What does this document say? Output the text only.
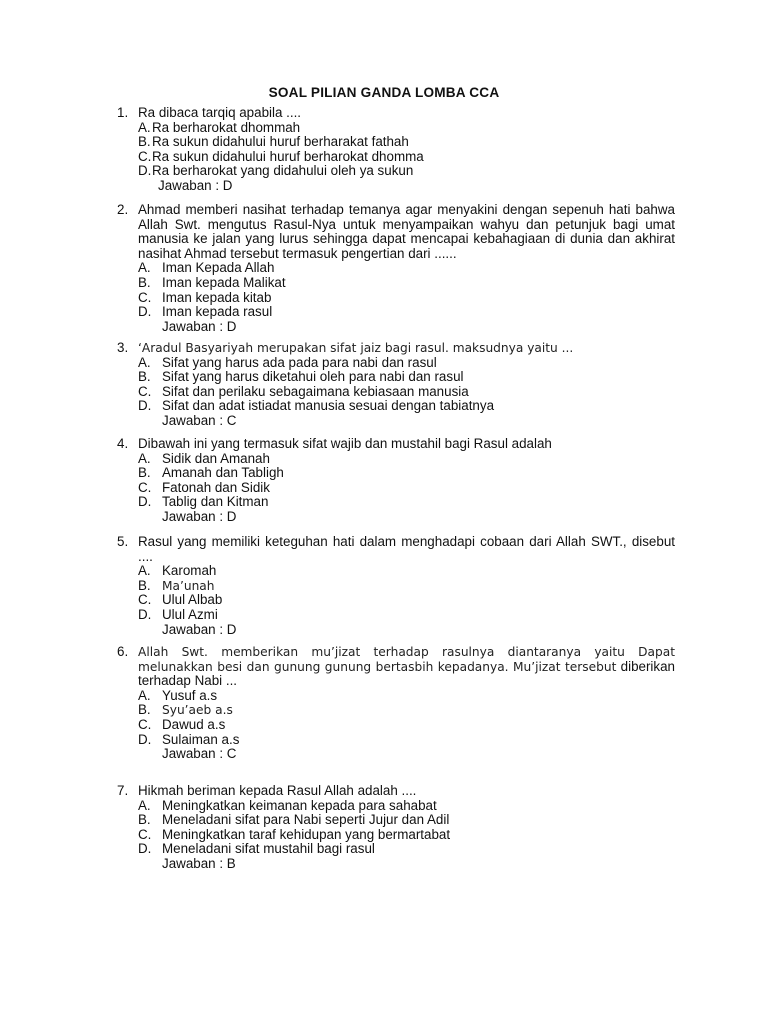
SOAL PILIAN GANDA LOMBA CCA
1. Ra dibaca tarqiq apabila ....
A. Ra berharokat dhommah
B. Ra sukun didahului huruf berharakat fathah
C. Ra sukun didahului huruf berharokat dhomma
D. Ra berharokat yang didahului oleh ya sukun
Jawaban : D
2. Ahmad memberi nasihat terhadap temanya agar menyakini dengan sepenuh hati bahwa Allah Swt. mengutus Rasul-Nya untuk menyampaikan wahyu dan petunjuk bagi umat manusia ke jalan yang lurus sehingga dapat mencapai kebahagiaan di dunia dan akhirat nasihat Ahmad tersebut termasuk pengertian dari ......
A. Iman Kepada Allah
B. Iman kepada Malikat
C. Iman kepada kitab
D. Iman kepada rasul
Jawaban : D
3. ‘Aradul Basyariyah merupakan sifat jaiz bagi rasul. maksudnya yaitu ...
A. Sifat yang harus ada pada para nabi dan rasul
B. Sifat yang harus diketahui oleh para nabi dan rasul
C. Sifat dan perilaku sebagaimana kebiasaan manusia
D. Sifat dan adat istiadat manusia sesuai dengan tabiatnya
Jawaban : C
4. Dibawah ini yang termasuk sifat wajib dan mustahil bagi Rasul adalah
A. Sidik dan Amanah
B. Amanah dan Tabligh
C. Fatonah dan Sidik
D. Tablig dan Kitman
Jawaban : D
5. Rasul yang memiliki keteguhan hati dalam menghadapi cobaan dari Allah SWT., disebut ....
A. Karomah
B. Ma’unah
C. Ulul Albab
D. Ulul Azmi
Jawaban : D
6. Allah Swt. memberikan mu’jizat terhadap rasulnya diantaranya yaitu Dapat melunakkan besi dan gunung gunung bertasbih kepadanya. Mu’jizat tersebut diberikan terhadap Nabi ...
A. Yusuf a.s
B. Syu’aeb a.s
C. Dawud a.s
D. Sulaiman a.s
Jawaban : C
7. Hikmah beriman kepada Rasul Allah adalah ....
A. Meningkatkan keimanan kepada para sahabat
B. Meneladani sifat para Nabi seperti Jujur dan Adil
C. Meningkatkan taraf kehidupan yang bermartabat
D. Meneladani sifat mustahil bagi rasul
Jawaban : B
